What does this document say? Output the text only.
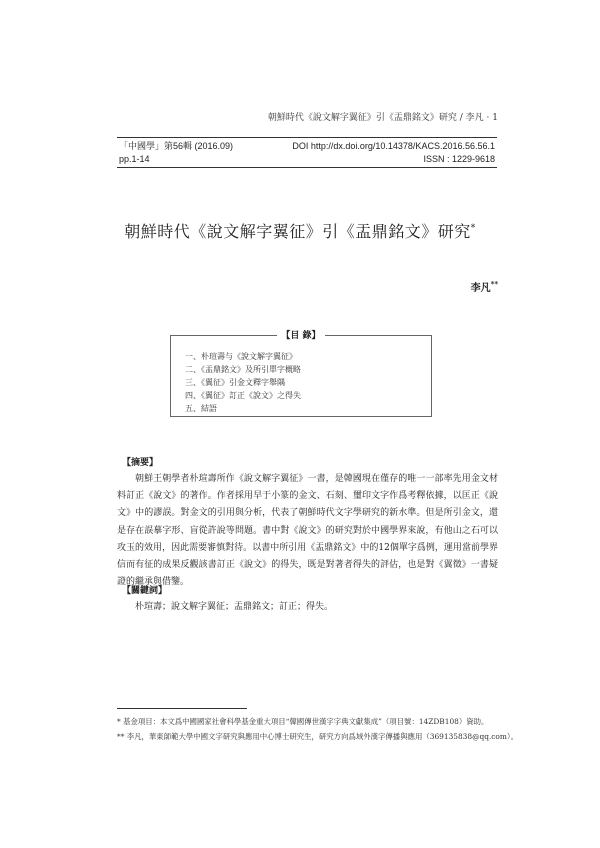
朝鮮時代《說文解字翼征》引《盂鼎銘文》研究 / 李凡 · 1
「中國學」第56輯 (2016.09)	DOI http://dx.doi.org/10.14378/KACS.2016.56.56.1
pp.1-14	ISSN : 1229-9618
朝鮮時代《說文解字翼征》引《盂鼎銘文》研究*
李凡**
【目 錄】
一、朴瑄壽与《說文解字翼征》
二、《盂鼎銘文》及所引單字概略
三、《翼征》引金文釋字舉隅
四、《翼征》訂正《說文》之得失
五、結語
【摘要】

朝鮮王朝學者朴瑄壽所作《說文解字翼征》一書，是韓國現在僅存的唯一一部率先用金文材料訂正《說文》的著作。作者採用早于小篆的金文、石刻、璽印文字作爲考釋依據，以匡正《說文》中的謬誤。對金文的引用與分析，代表了朝鮮時代文字學研究的新水準。但是所引金文，還是存在誤摹字形、盲從許說等問題。書中對《說文》的研究對於中國學界來說，有他山之石可以攻玉的效用，因此需要審慎對待。以書中所引用《盂鼎銘文》中的12個單字爲例，運用當前學界信而有征的成果反觀該書訂正《說文》的得失，既是對著者得失的評估，也是對《翼徵》一書疑證的繼承與借鑒。

【關鍵詞】
朴瑄壽；說文解字翼征；盂鼎銘文；訂正；得失。
* 基金項目：本文爲中國國家社會科學基金重大項目“韓國傳世漢字字典文獻集成”（項目號：14ZDB108）資助。
** 李凡，華東師範大學中國文字研究與應用中心博士研究生，研究方向爲域外漢字傳播與應用（369135838@qq.com）。
